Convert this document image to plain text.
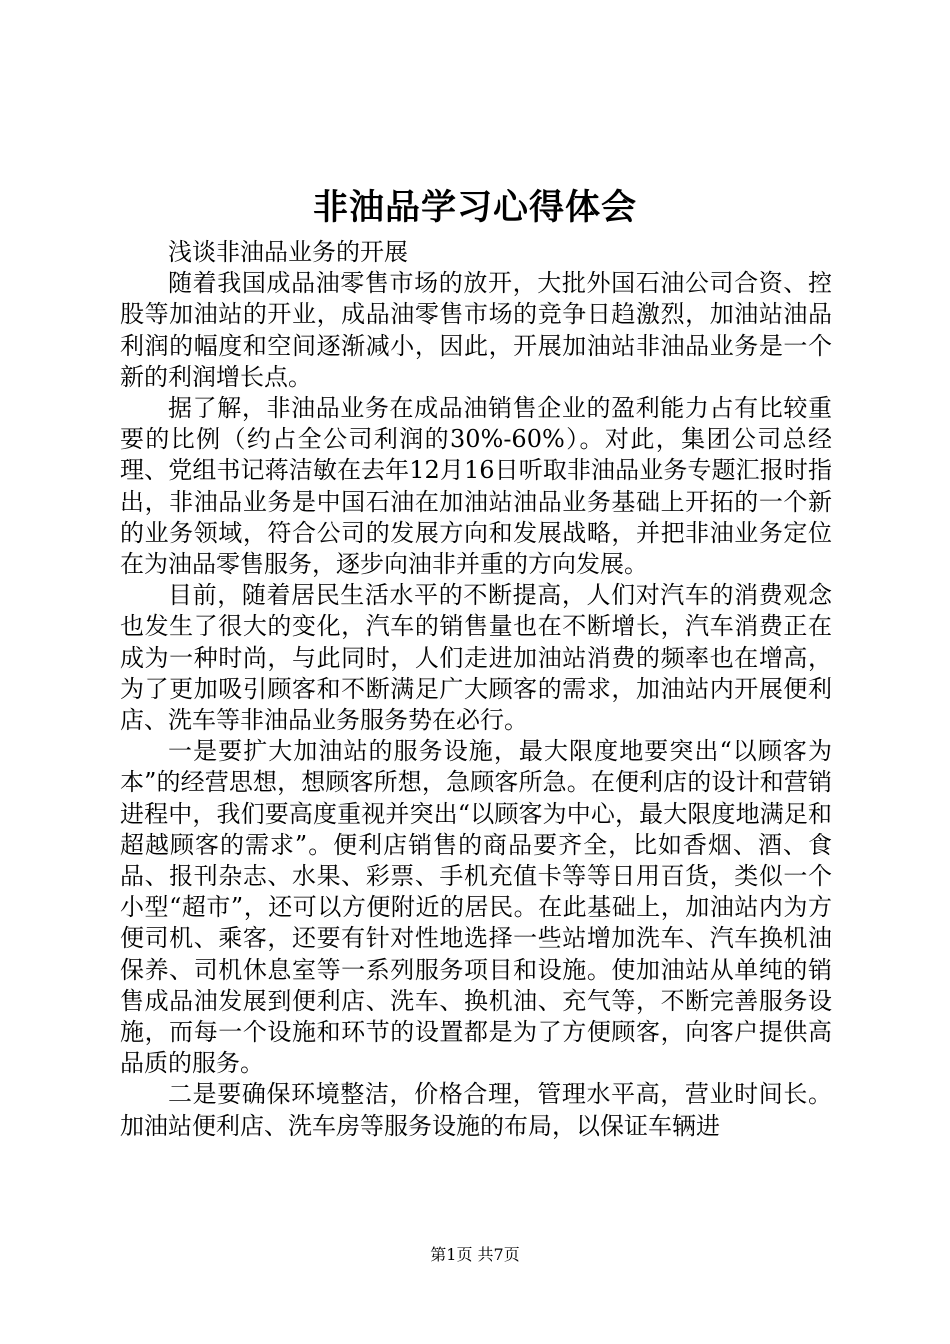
非油品学习心得体会

浅谈非油品业务的开展

随着我国成品油零售市场的放开，大批外国石油公司合资、控股等加油站的开业，成品油零售市场的竞争日趋激烈，加油站油品利润的幅度和空间逐渐减小，因此，开展加油站非油品业务是一个新的利润增长点。

据了解，非油品业务在成品油销售企业的盈利能力占有比较重要的比例（约占全公司利润的30%-60%）。对此，集团公司总经理、党组书记蒋洁敏在去年12月16日听取非油品业务专题汇报时指出，非油品业务是中国石油在加油站油品业务基础上开拓的一个新的业务领域，符合公司的发展方向和发展战略，并把非油业务定位在为油品零售服务，逐步向油非并重的方向发展。

目前，随着居民生活水平的不断提高，人们对汽车的消费观念也发生了很大的变化，汽车的销售量也在不断增长，汽车消费正在成为一种时尚，与此同时，人们走进加油站消费的频率也在增高，为了更加吸引顾客和不断满足广大顾客的需求，加油站内开展便利店、洗车等非油品业务服务势在必行。

一是要扩大加油站的服务设施，最大限度地要突出“以顾客为本”的经营思想，想顾客所想，急顾客所急。在便利店的设计和营销进程中，我们要高度重视并突出“以顾客为中心，最大限度地满足和超越顾客的需求”。便利店销售的商品要齐全，比如香烟、酒、食品、报刊杂志、水果、彩票、手机充值卡等等日用百货，类似一个小型“超市”，还可以方便附近的居民。在此基础上，加油站内为方便司机、乘客，还要有针对性地选择一些站增加洗车、汽车换机油保养、司机休息室等一系列服务项目和设施。使加油站从单纯的销售成品油发展到便利店、洗车、换机油、充气等，不断完善服务设施，而每一个设施和环节的设置都是为了方便顾客，向客户提供高品质的服务。

二是要确保环境整洁，价格合理，管理水平高，营业时间长。加油站便利店、洗车房等服务设施的布局，以保证车辆进

第1页 共7页
